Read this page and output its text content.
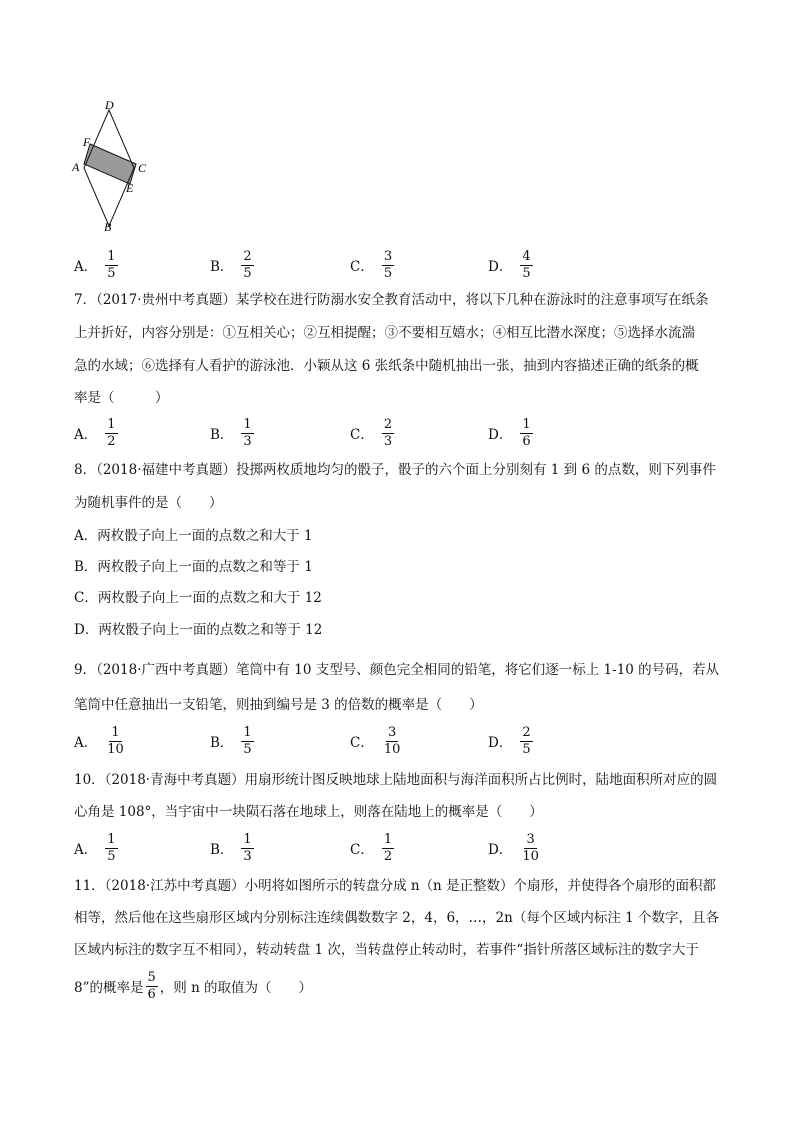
D
F
A	C
E
B
A． $\frac{1}{5}$	B． $\frac{2}{5}$	C． $\frac{3}{5}$	D． $\frac{4}{5}$
7．（2017·贵州中考真题）某学校在进行防溺水安全教育活动中，将以下几种在游泳时的注意事项写在纸条
上并折好，内容分别是：①互相关心；②互相提醒；③不要相互嬉水；④相互比潜水深度；⑤选择水流湍
急的水域；⑥选择有人看护的游泳池．小颖从这 6 张纸条中随机抽出一张，抽到内容描述正确的纸条的概
率是（　　　）
A． $\frac{1}{2}$	B． $\frac{1}{3}$	C． $\frac{2}{3}$	D． $\frac{1}{6}$
8．（2018·福建中考真题）投掷两枚质地均匀的骰子，骰子的六个面上分别刻有 1 到 6 的点数，则下列事件
为随机事件的是（　　）
A．两枚骰子向上一面的点数之和大于 1
B．两枚骰子向上一面的点数之和等于 1
C．两枚骰子向上一面的点数之和大于 12
D．两枚骰子向上一面的点数之和等于 12
9．（2018·广西中考真题）笔筒中有 10 支型号、颜色完全相同的铅笔，将它们逐一标上 1-10 的号码，若从
笔筒中任意抽出一支铅笔，则抽到编号是 3 的倍数的概率是（　　）
A． $\frac{1}{10}$	B． $\frac{1}{5}$	C． $\frac{3}{10}$	D． $\frac{2}{5}$
10．（2018·青海中考真题）用扇形统计图反映地球上陆地面积与海洋面积所占比例时，陆地面积所对应的圆
心角是 108°，当宇宙中一块陨石落在地球上，则落在陆地上的概率是（　　）
A． $\frac{1}{5}$	B． $\frac{1}{3}$	C． $\frac{1}{2}$	D． $\frac{3}{10}$
11．（2018·江苏中考真题）小明将如图所示的转盘分成 n（n 是正整数）个扇形，并使得各个扇形的面积都
相等，然后他在这些扇形区域内分别标注连续偶数数字 2，4，6，…，2n（每个区域内标注 1 个数字，且各
区域内标注的数字互不相同），转动转盘 1 次，当转盘停止转动时，若事件“指针所落区域标注的数字大于
8”的概率是 $\frac{5}{6}$ ，则 n 的取值为（　　）
